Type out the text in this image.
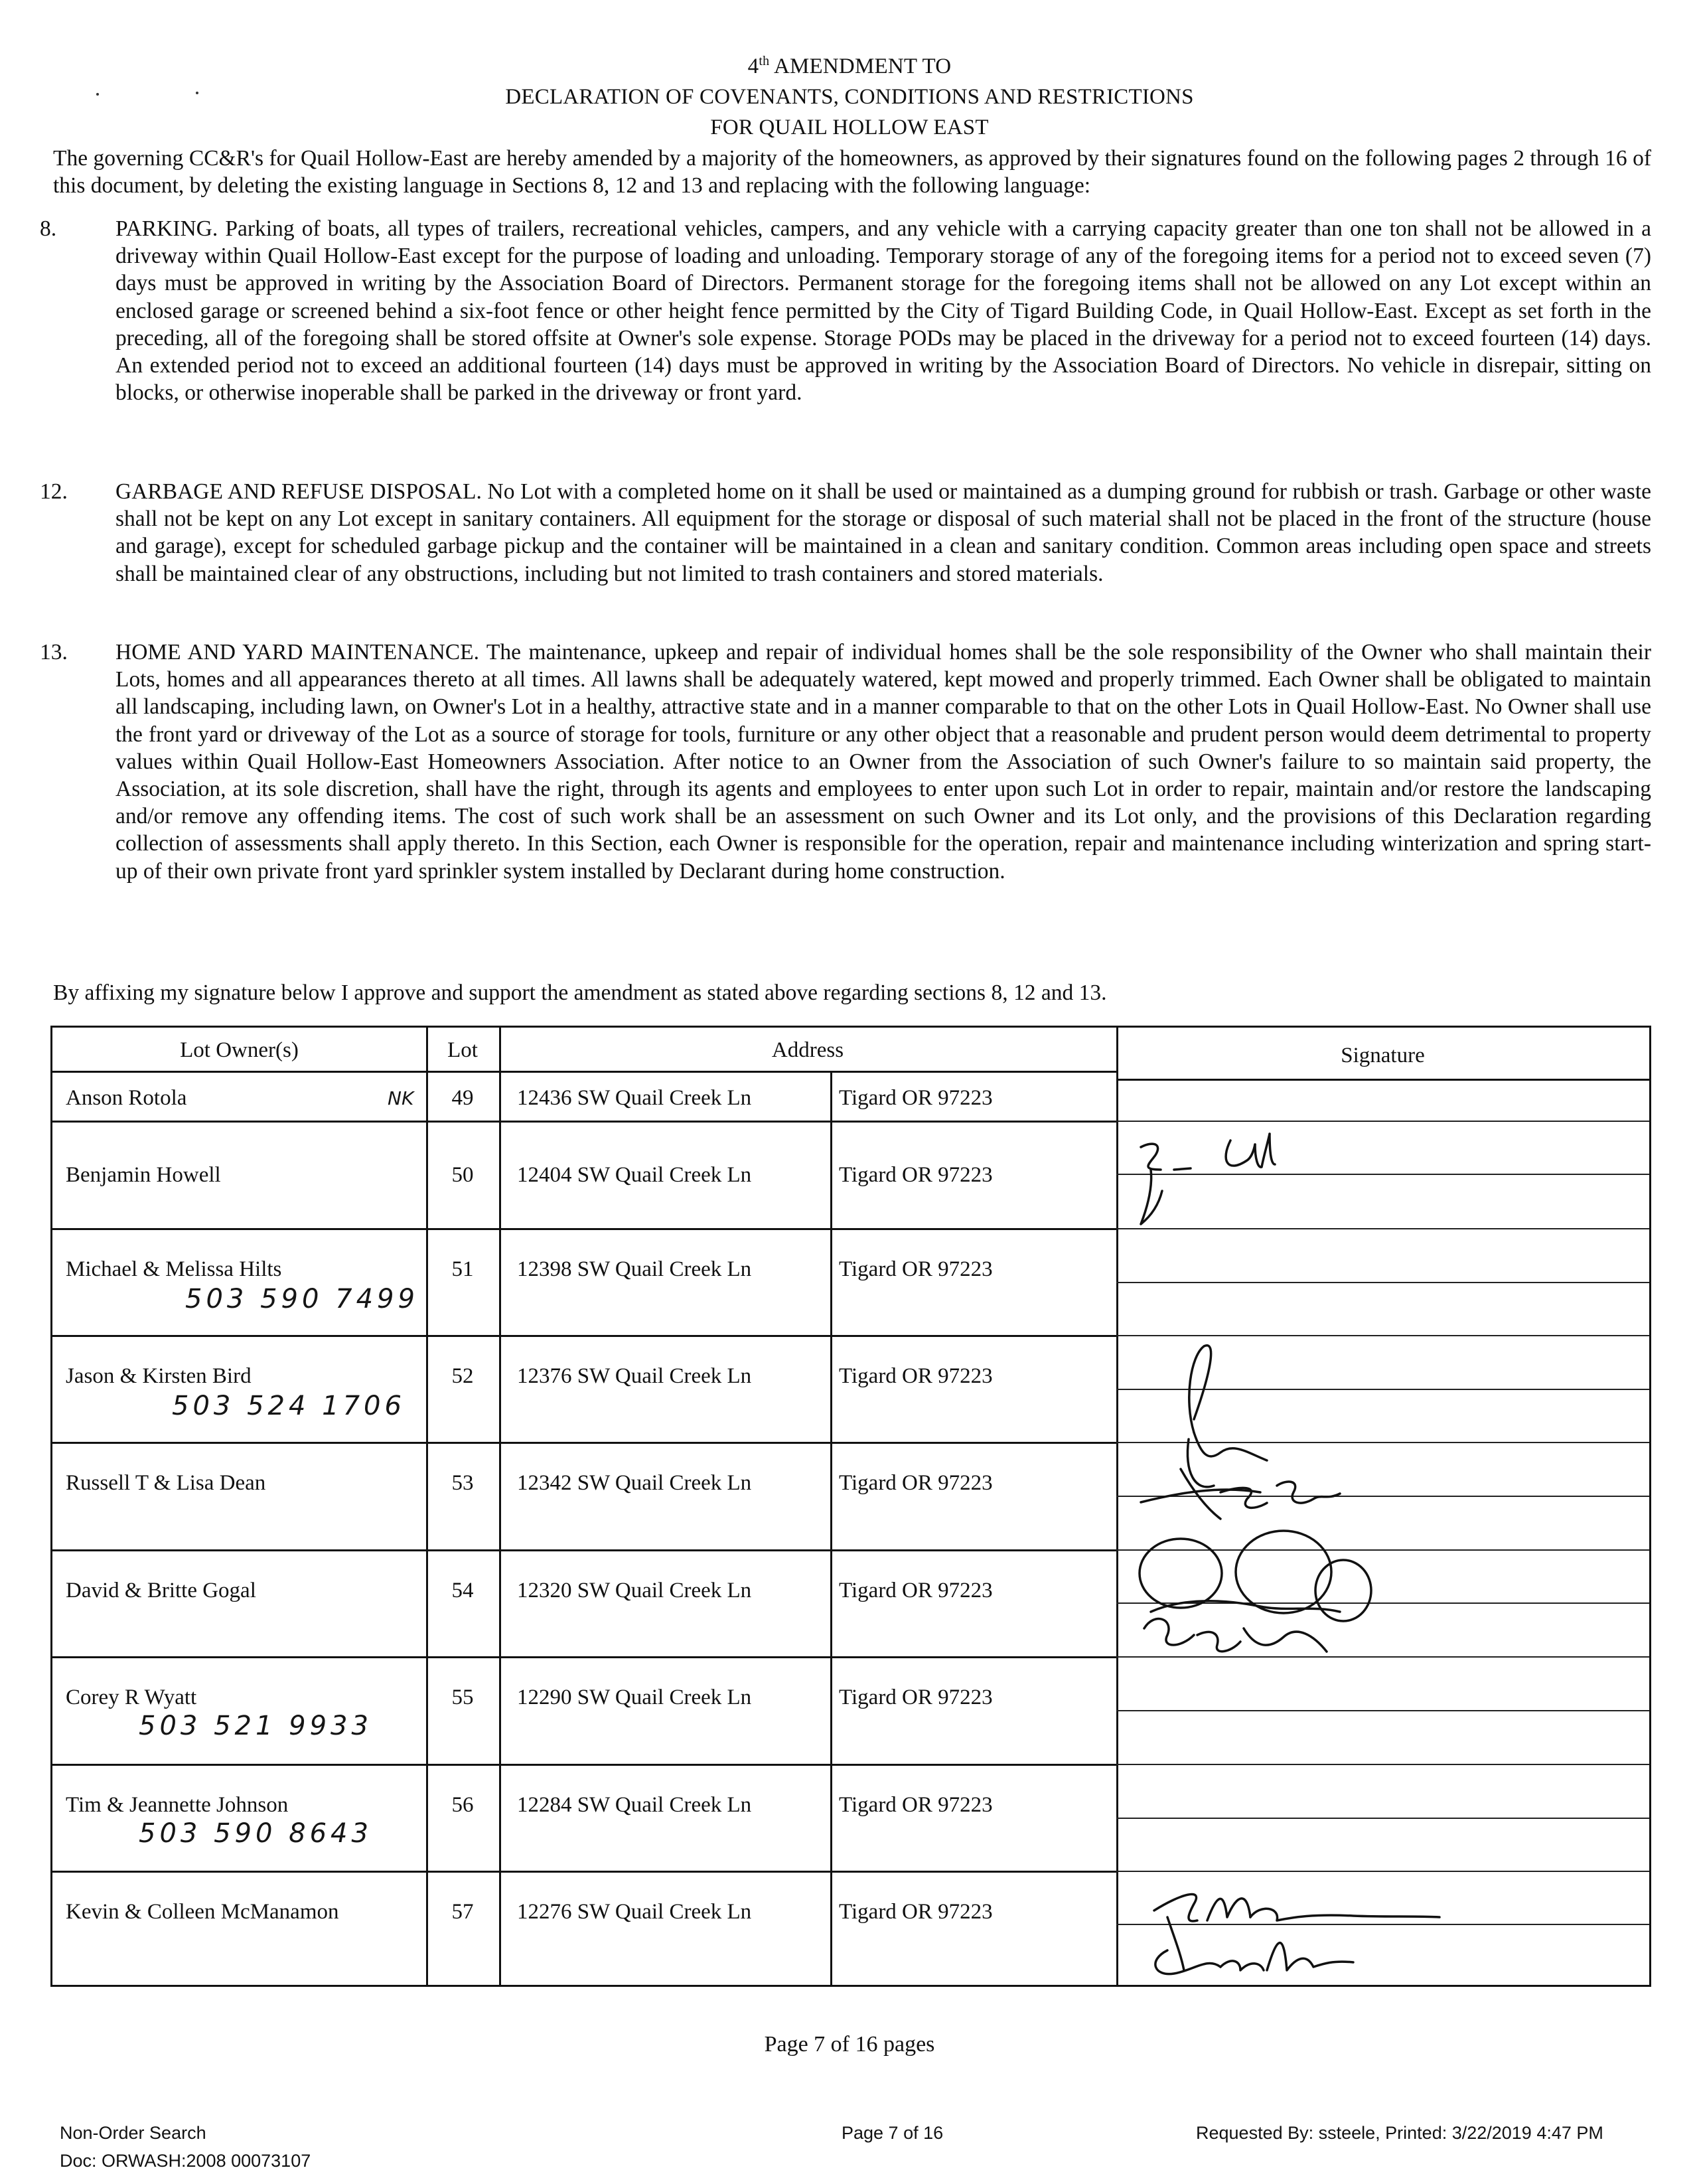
4th AMENDMENT TO
DECLARATION OF COVENANTS, CONDITIONS AND RESTRICTIONS
FOR QUAIL HOLLOW EAST
The governing CC&R's for Quail Hollow-East are hereby amended by a majority of the homeowners, as approved by their signatures found on the following pages 2 through 16 of this document, by deleting the existing language in Sections 8, 12 and 13 and replacing with the following language:
8.	PARKING. Parking of boats, all types of trailers, recreational vehicles, campers, and any vehicle with a carrying capacity greater than one ton shall not be allowed in a driveway within Quail Hollow-East except for the purpose of loading and unloading. Temporary storage of any of the foregoing items for a period not to exceed seven (7) days must be approved in writing by the Association Board of Directors. Permanent storage for the foregoing items shall not be allowed on any Lot except within an enclosed garage or screened behind a six-foot fence or other height fence permitted by the City of Tigard Building Code, in Quail Hollow-East. Except as set forth in the preceding, all of the foregoing shall be stored offsite at Owner's sole expense. Storage PODs may be placed in the driveway for a period not to exceed fourteen (14) days. An extended period not to exceed an additional fourteen (14) days must be approved in writing by the Association Board of Directors. No vehicle in disrepair, sitting on blocks, or otherwise inoperable shall be parked in the driveway or front yard.
12.	GARBAGE AND REFUSE DISPOSAL. No Lot with a completed home on it shall be used or maintained as a dumping ground for rubbish or trash. Garbage or other waste shall not be kept on any Lot except in sanitary containers. All equipment for the storage or disposal of such material shall not be placed in the front of the structure (house and garage), except for scheduled garbage pickup and the container will be maintained in a clean and sanitary condition. Common areas including open space and streets shall be maintained clear of any obstructions, including but not limited to trash containers and stored materials.
13.	HOME AND YARD MAINTENANCE. The maintenance, upkeep and repair of individual homes shall be the sole responsibility of the Owner who shall maintain their Lots, homes and all appearances thereto at all times. All lawns shall be adequately watered, kept mowed and properly trimmed. Each Owner shall be obligated to maintain all landscaping, including lawn, on Owner's Lot in a healthy, attractive state and in a manner comparable to that on the other Lots in Quail Hollow-East. No Owner shall use the front yard or driveway of the Lot as a source of storage for tools, furniture or any other object that a reasonable and prudent person would deem detrimental to property values within Quail Hollow-East Homeowners Association. After notice to an Owner from the Association of such Owner's failure to so maintain said property, the Association, at its sole discretion, shall have the right, through its agents and employees to enter upon such Lot in order to repair, maintain and/or restore the landscaping and/or remove any offending items. The cost of such work shall be an assessment on such Owner and its Lot only, and the provisions of this Declaration regarding collection of assessments shall apply thereto. In this Section, each Owner is responsible for the operation, repair and maintenance including winterization and spring start-up of their own private front yard sprinkler system installed by Declarant during home construction.
By affixing my signature below I approve and support the amendment as stated above regarding sections 8, 12 and 13.
Lot Owner(s)	Lot	Address	Signature
Anson Rotola	NK	49	12436 SW Quail Creek Ln	Tigard OR 97223
Benjamin Howell	50	12404 SW Quail Creek Ln	Tigard OR 97223
Michael & Melissa Hilts
503 590 7499
51	12398 SW Quail Creek Ln	Tigard OR 97223
Jason & Kirsten Bird
503 524 1706
52	12376 SW Quail Creek Ln	Tigard OR 97223
Russell T & Lisa Dean	53	12342 SW Quail Creek Ln	Tigard OR 97223
David & Britte Gogal	54	12320 SW Quail Creek Ln	Tigard OR 97223
Corey R Wyatt
503 521 9933
55	12290 SW Quail Creek Ln	Tigard OR 97223
Tim & Jeannette Johnson
503 590 8643
56	12284 SW Quail Creek Ln	Tigard OR 97223
Kevin & Colleen McManamon	57	12276 SW Quail Creek Ln	Tigard OR 97223
Page 7 of 16 pages
Non-Order Search
Doc: ORWASH:2008 00073107
Page 7 of 16	Requested By: ssteele, Printed: 3/22/2019 4:47 PM
